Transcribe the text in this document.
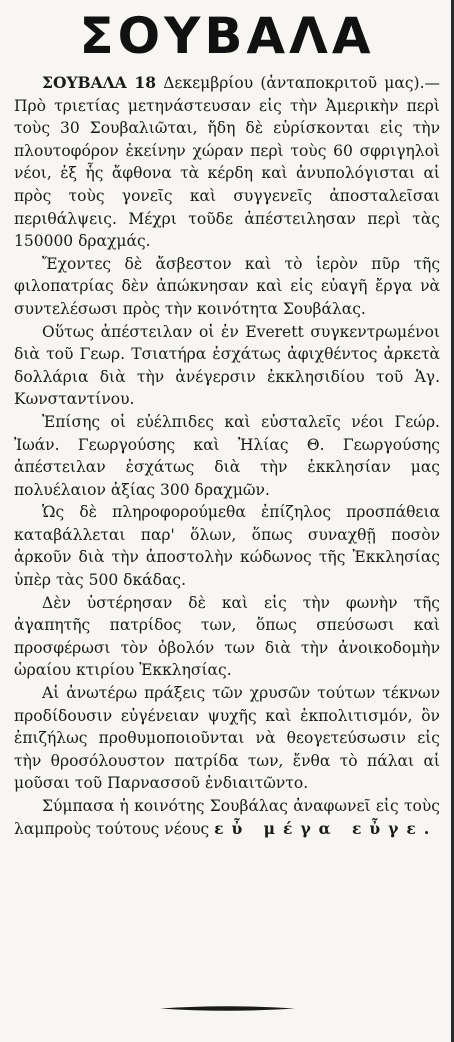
ΣΟΥΒΑΛΑ

ΣΟΥΒΑΛΑ 18 Δεκεμβρίου (ἀνταποκριτοῦ μας).— Πρὸ τριετίας μετηνάστευσαν εἰς τὴν Ἀμερικὴν περὶ τοὺς 30 Σουβαλιῶται, ἤδη δὲ εὑρίσκονται εἰς τὴν πλουτοφόρον ἐκείνην χώραν περὶ τοὺς 60 σφριγηλοὶ νέοι, ἐξ ἧς ἄφθονα τὰ κέρδη καὶ ἀνυπολόγισται αἱ πρὸς τοὺς γονεῖς καὶ συγγενεῖς ἀποσταλεῖσαι περιθάλψεις. Μέχρι τοῦδε ἀπέστειλησαν περὶ τὰς 150000 δραχμάς.

Ἔχοντες δὲ ἄσβεστον καὶ τὸ ἱερὸν πῦρ τῆς φιλοπατρίας δὲν ἀπώκνησαν καὶ εἰς εὐαγῆ ἔργα νὰ συντελέσωσι πρὸς τὴν κοινότητα Σουβάλας.

Οὕτως ἀπέστειλαν οἱ ἐν Everett συγκεντρωμένοι διὰ τοῦ Γεωρ. Τσιατήρα ἐσχάτως ἀφιχθέντος ἀρκετὰ δολλάρια διὰ τὴν ἀνέγερσιν ἐκκλησιδίου τοῦ Ἁγ. Κωνσταντίνου.

Ἐπίσης οἱ εὐέλπιδες καὶ εὐσταλεῖς νέοι Γεώρ. Ἰωάν. Γεωργούσης καὶ Ἠλίας Θ. Γεωργούσης ἀπέστειλαν ἐσχάτως διὰ τὴν ἐκκλησίαν μας πολυέλαιον ἀξίας 300 δραχμῶν.

Ὡς δὲ πληροφορούμεθα ἐπίζηλος προσπάθεια καταβάλλεται παρ' ὅλων, ὅπως συναχθῇ ποσὸν ἀρκοῦν διὰ τὴν ἀποστολὴν κώδωνος τῆς Ἐκκλησίας ὑπὲρ τὰς 500 δκάδας.

Δὲν ὑστέρησαν δὲ καὶ εἰς τὴν φωνὴν τῆς ἀγαπητῆς πατρίδος των, ὅπως σπεύσωσι καὶ προσφέρωσι τὸν ὀβολόν των διὰ τὴν ἀνοικοδομὴν ὡραίου κτιρίου Ἐκκλησίας.

Αἱ ἀνωτέρω πράξεις τῶν χρυσῶν τούτων τέκνων προδίδουσιν εὐγένειαν ψυχῆς καὶ ἐκπολιτισμόν, ὃν ἐπιζήλως προθυμοποιοῦνται νὰ θεογετεύσωσιν εἰς τὴν θροσόλουστον πατρίδα των, ἔνθα τὸ πάλαι αἱ μοῦσαι τοῦ Παρνασσοῦ ἐνδιαιτῶντο.

Σύμπασα ἡ κοινότης Σουβάλας ἀναφωνεῖ εἰς τοὺς λαμπροὺς τούτους νέους εὖ μέγα εὖγε.
